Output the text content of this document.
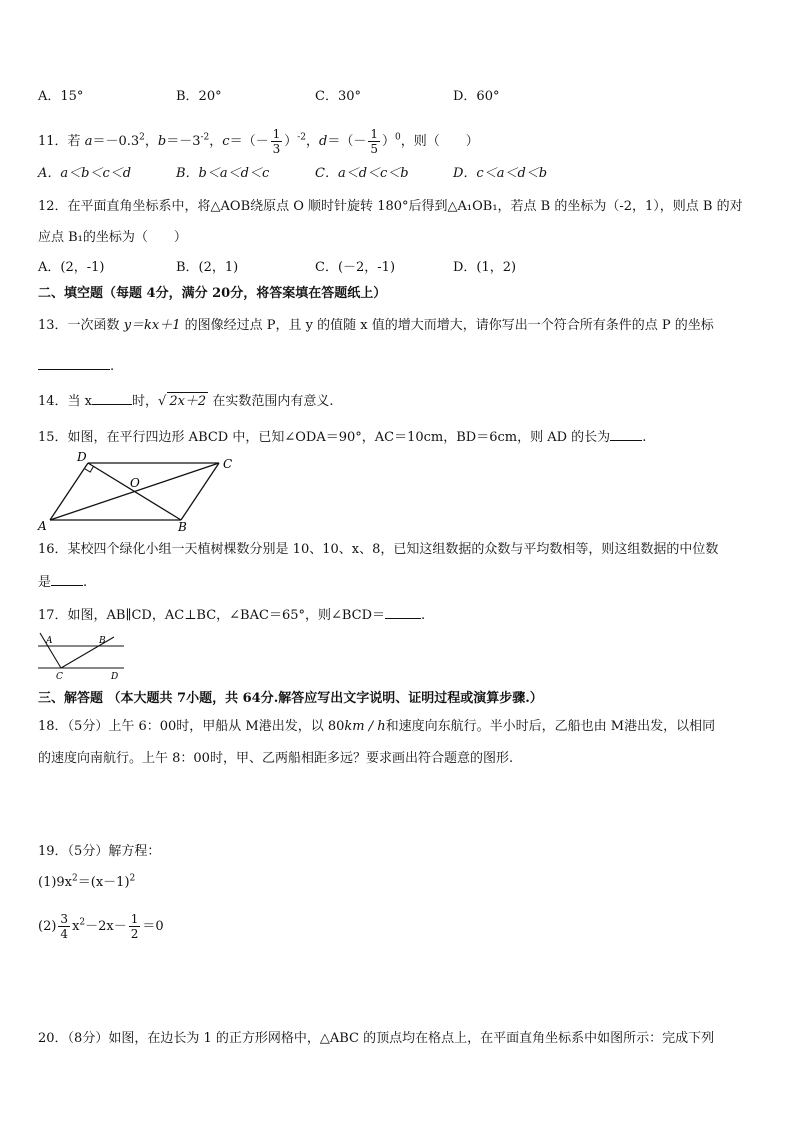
A．15°	B．20°	C．30°	D．60°
11．若 $a=-0.3^2$，$b=-3^{-2}$，$c=(- \frac{1}{3} )^{-2}$，$d=(- \frac{1}{5} )^0$，则（　　）
A．a＜b＜c＜d	B．b＜a＜d＜c	C．a＜d＜c＜b	D．c＜a＜d＜b
12．在平面直角坐标系中，将△AOB绕原点 O 顺时针旋转 180°后得到△A₁OB₁，若点 B 的坐标为（-2，1），则点 B 的对
应点 B₁的坐标为（　　）
A．(2，-1)	B．(2，1)	C．(－2，-1)	D．(1，2)
二、填空题（每题 4分，满分 20分，将答案填在答题纸上）
13．一次函数 y＝kx＋1 的图像经过点 P，且 y 的值随 x 值的增大而增大，请你写出一个符合所有条件的点 P 的坐标
.
14．当 x	时，√ 2x＋2 在实数范围内有意义.
15．如图，在平行四边形 ABCD 中，已知∠ODA＝90°，AC＝10cm，BD＝6cm，则 AD 的长为 .
A
D	C
B
O
16．某校四个绿化小组一天植树棵数分别是 10、10、x、8，已知这组数据的众数与平均数相等，则这组数据的中位数
是 .
17．如图，AB∥CD，AC⊥BC，∠BAC＝65°，则∠BCD＝	.
A	B
C	D
三、解答题 （本大题共 7小题，共 64分.解答应写出文字说明、证明过程或演算步骤.）
18．（5分）上午 6：00时，甲船从 M港出发，以 80km / h和速度向东航行。半小时后，乙船也由 M港出发，以相同
的速度向南航行。上午 8：00时，甲、乙两船相距多远？要求画出符合题意的图形.
19．（5分）解方程：
$(1)9x^2=(x-1)^2$
$(2) \frac{3}{4} x^2-2x- \frac{1}{2} =0$
20．（8分）如图，在边长为 1 的正方形网格中，△ABC 的顶点均在格点上，在平面直角坐标系中如图所示：完成下列
